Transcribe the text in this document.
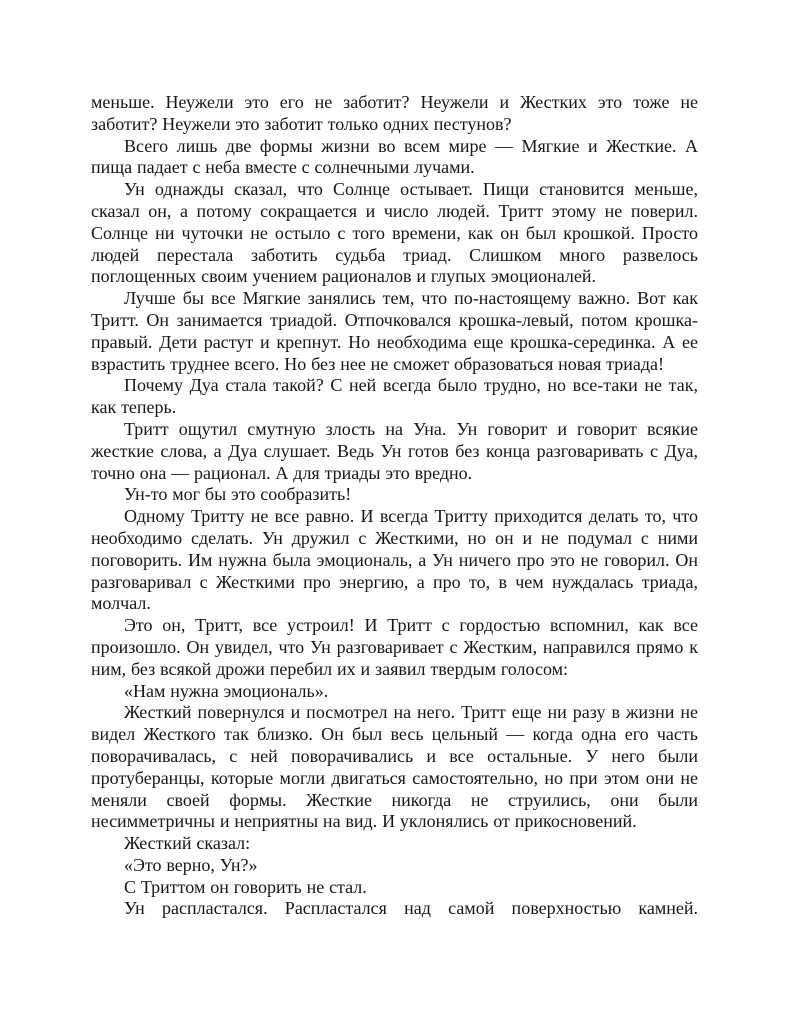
меньше. Неужели это его не заботит? Неужели и Жестких это тоже не заботит? Неужели это заботит только одних пестунов?

Всего лишь две формы жизни во всем мире — Мягкие и Жесткие. А пища падает с неба вместе с солнечными лучами.

Ун однажды сказал, что Солнце остывает. Пищи становится меньше, сказал он, а потому сокращается и число людей. Тритт этому не поверил. Солнце ни чуточки не остыло с того времени, как он был крошкой. Просто людей перестала заботить судьба триад. Слишком много развелось поглощенных своим учением рационалов и глупых эмоционалей.

Лучше бы все Мягкие занялись тем, что по-настоящему важно. Вот как Тритт. Он занимается триадой. Отпочковался крошка-левый, потом крошка-правый. Дети растут и крепнут. Но необходима еще крошка-серединка. А ее взрастить труднее всего. Но без нее не сможет образоваться новая триада!

Почему Дуа стала такой? С ней всегда было трудно, но все-таки не так, как теперь.

Тритт ощутил смутную злость на Уна. Ун говорит и говорит всякие жесткие слова, а Дуа слушает. Ведь Ун готов без конца разговаривать с Дуа, точно она — рационал. А для триады это вредно.

Ун-то мог бы это сообразить!

Одному Тритту не все равно. И всегда Тритту приходится делать то, что необходимо сделать. Ун дружил с Жесткими, но он и не подумал с ними поговорить. Им нужна была эмоциональ, а Ун ничего про это не говорил. Он разговаривал с Жесткими про энергию, а про то, в чем нуждалась триада, молчал.

Это он, Тритт, все устроил! И Тритт с гордостью вспомнил, как все произошло. Он увидел, что Ун разговаривает с Жестким, направился прямо к ним, без всякой дрожи перебил их и заявил твердым голосом:

«Нам нужна эмоциональ».

Жесткий повернулся и посмотрел на него. Тритт еще ни разу в жизни не видел Жесткого так близко. Он был весь цельный — когда одна его часть поворачивалась, с ней поворачивались и все остальные. У него были протуберанцы, которые могли двигаться самостоятельно, но при этом они не меняли своей формы. Жесткие никогда не струились, они были несимметричны и неприятны на вид. И уклонялись от прикосновений.

Жесткий сказал:

«Это верно, Ун?»

С Триттом он говорить не стал.

Ун распластался. Распластался над самой поверхностью камней.
